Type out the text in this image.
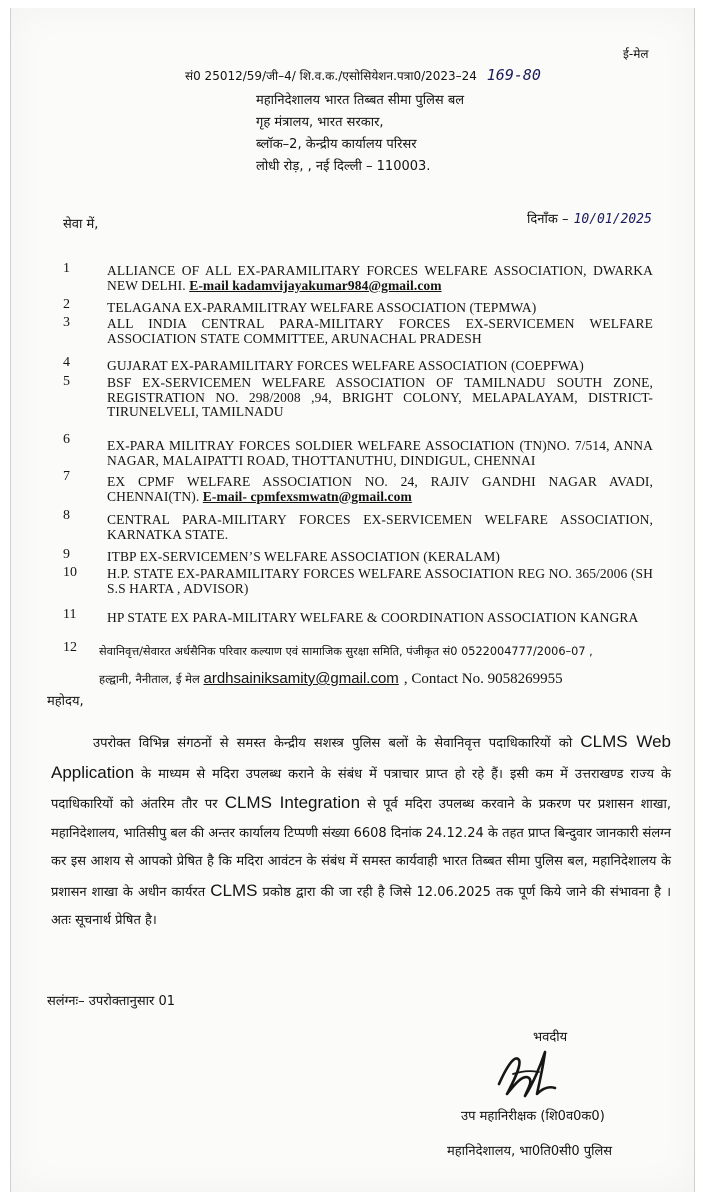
ई-मेल
सं0 25012/59/जी–4/ शि.व.क./एसोसियेशन.पत्रा0/2023–24 169-80
महानिदेशालय भारत तिब्बत सीमा पुलिस बल
गृह मंत्रालय, भारत सरकार,
ब्लॉक–2, केन्द्रीय कार्यालय परिसर
लोधी रोड़, , नई दिल्ली – 110003.
सेवा में,	दिनाँक – 10/01/2025
1	ALLIANCE OF ALL EX-PARAMILITARY FORCES WELFARE ASSOCIATION, DWARKA NEW DELHI. E-mail kadamvijayakumar984@gmail.com
2	TELAGANA EX-PARAMILITRAY WELFARE ASSOCIATION (TEPMWA)
3	ALL INDIA CENTRAL PARA-MILITARY FORCES EX-SERVICEMEN WELFARE ASSOCIATION STATE COMMITTEE, ARUNACHAL PRADESH
4	GUJARAT EX-PARAMILITARY FORCES WELFARE ASSOCIATION (COEPFWA)
5	BSF EX-SERVICEMEN WELFARE ASSOCIATION OF TAMILNADU SOUTH ZONE, REGISTRATION NO. 298/2008 ,94, BRIGHT COLONY, MELAPALAYAM, DISTRICT-TIRUNELVELI, TAMILNADU
6	EX-PARA MILITRAY FORCES SOLDIER WELFARE ASSOCIATION (TN)NO. 7/514, ANNA NAGAR, MALAIPATTI ROAD, THOTTANUTHU, DINDIGUL, CHENNAI
7	EX CPMF WELFARE ASSOCIATION NO. 24, RAJIV GANDHI NAGAR AVADI, CHENNAI(TN). E-mail- cpmfexsmwatn@gmail.com
8	CENTRAL PARA-MILITARY FORCES EX-SERVICEMEN WELFARE ASSOCIATION, KARNATKA STATE.
9	ITBP EX-SERVICEMEN’S WELFARE ASSOCIATION (KERALAM)
10 H.P. STATE EX-PARAMILITARY FORCES WELFARE ASSOCIATION REG NO. 365/2006 (SH S.S HARTA , ADVISOR)
11 HP STATE EX PARA-MILITARY WELFARE & COORDINATION ASSOCIATION KANGRA
12 सेवानिवृत्त/सेवारत अर्धसैनिक परिवार कल्याण एवं सामाजिक सुरक्षा समिति, पंजीकृत सं0 0522004777/2006–07 ,
हल्द्वानी, नैनीताल, ई मेल ardhsainiksamity@gmail.com , Contact No. 9058269955
महोदय,
उपरोक्त विभिन्न संगठनों से समस्त केन्द्रीय सशस्त्र पुलिस बलों के सेवानिवृत्त पदाधिकारियों को CLMS Web Application के माध्यम से मदिरा उपलब्ध कराने के संबंध में पत्राचार प्राप्त हो रहे हैं। इसी कम में उत्तराखण्ड राज्य के पदाधिकारियों को अंतरिम तौर पर CLMS Integration से पूर्व मदिरा उपलब्ध करवाने के प्रकरण पर प्रशासन शाखा, महानिदेशालय, भातिसीपु बल की अन्तर कार्यालय टिप्पणी संख्या 6608 दिनांक 24.12.24 के तहत प्राप्त बिन्दुवार जानकारी संलग्न कर इस आशय से आपको प्रेषित है कि मदिरा आवंटन के संबंध में समस्त कार्यवाही भारत तिब्बत सीमा पुलिस बल, महानिदेशालय के प्रशासन शाखा के अधीन कार्यरत CLMS प्रकोष्ठ द्वारा की जा रही है जिसे 12.06.2025 तक पूर्ण किये जाने की संभावना है । अतः सूचनार्थ प्रेषित है।
सलंग्नः– उपरोक्तानुसार 01
भवदीय
उप महानिरीक्षक (शि0व0क0)
महानिदेशालय, भा0ति0सी0 पुलिस
